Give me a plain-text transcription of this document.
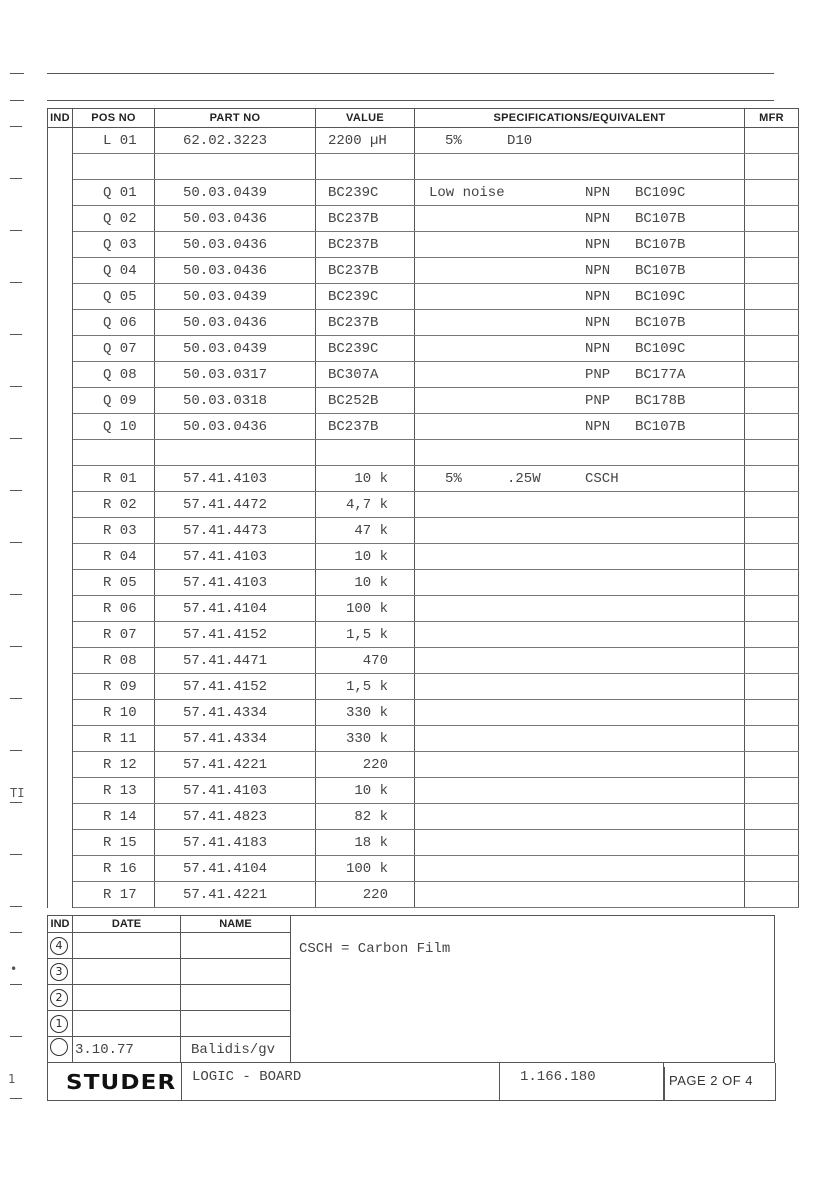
TI
1
•
IND	POS NO	PART NO	VALUE	SPECIFICATIONS/EQUIVALENT	MFR
	L 01	62.02.3223	2200 µH	5% D10	

	Q 01	50.03.0439	BC239C	Low noise NPN BC109C	

	Q 02	50.03.0436	BC237B	NPN BC107B	

	Q 03	50.03.0436	BC237B	NPN BC107B	

	Q 04	50.03.0436	BC237B	NPN BC107B	

	Q 05	50.03.0439	BC239C	NPN BC109C	

	Q 06	50.03.0436	BC237B	NPN BC107B	

	Q 07	50.03.0439	BC239C	NPN BC109C	

	Q 08	50.03.0317	BC307A	PNP BC177A	

	Q 09	50.03.0318	BC252B	PNP BC178B	

	Q 10	50.03.0436	BC237B	NPN BC107B	

	R 01	57.41.4103	10 k	5% .25W CSCH	

	R 02	57.41.4472	4,7 k	

	R 03	57.41.4473	47 k	

	R 04	57.41.4103	10 k	

	R 05	57.41.4103	10 k	

	R 06	57.41.4104	100 k	

	R 07	57.41.4152	1,5 k	

	R 08	57.41.4471	470	

	R 09	57.41.4152	1,5 k	

	R 10	57.41.4334	330 k	

	R 11	57.41.4334	330 k	

	R 12	57.41.4221	220	

	R 13	57.41.4103	10 k	

	R 14	57.41.4823	82 k	

	R 15	57.41.4183	18 k	

	R 16	57.41.4104	100 k	

	R 17	57.41.4221	220	

IND	DATE	NAME	
4			CSCH = Carbon Film

3			
2			
1			
	3.10.77	Balidis/gv	
STUDER LOGIC - BOARD	1.166.180	PAGE 2 OF 4
